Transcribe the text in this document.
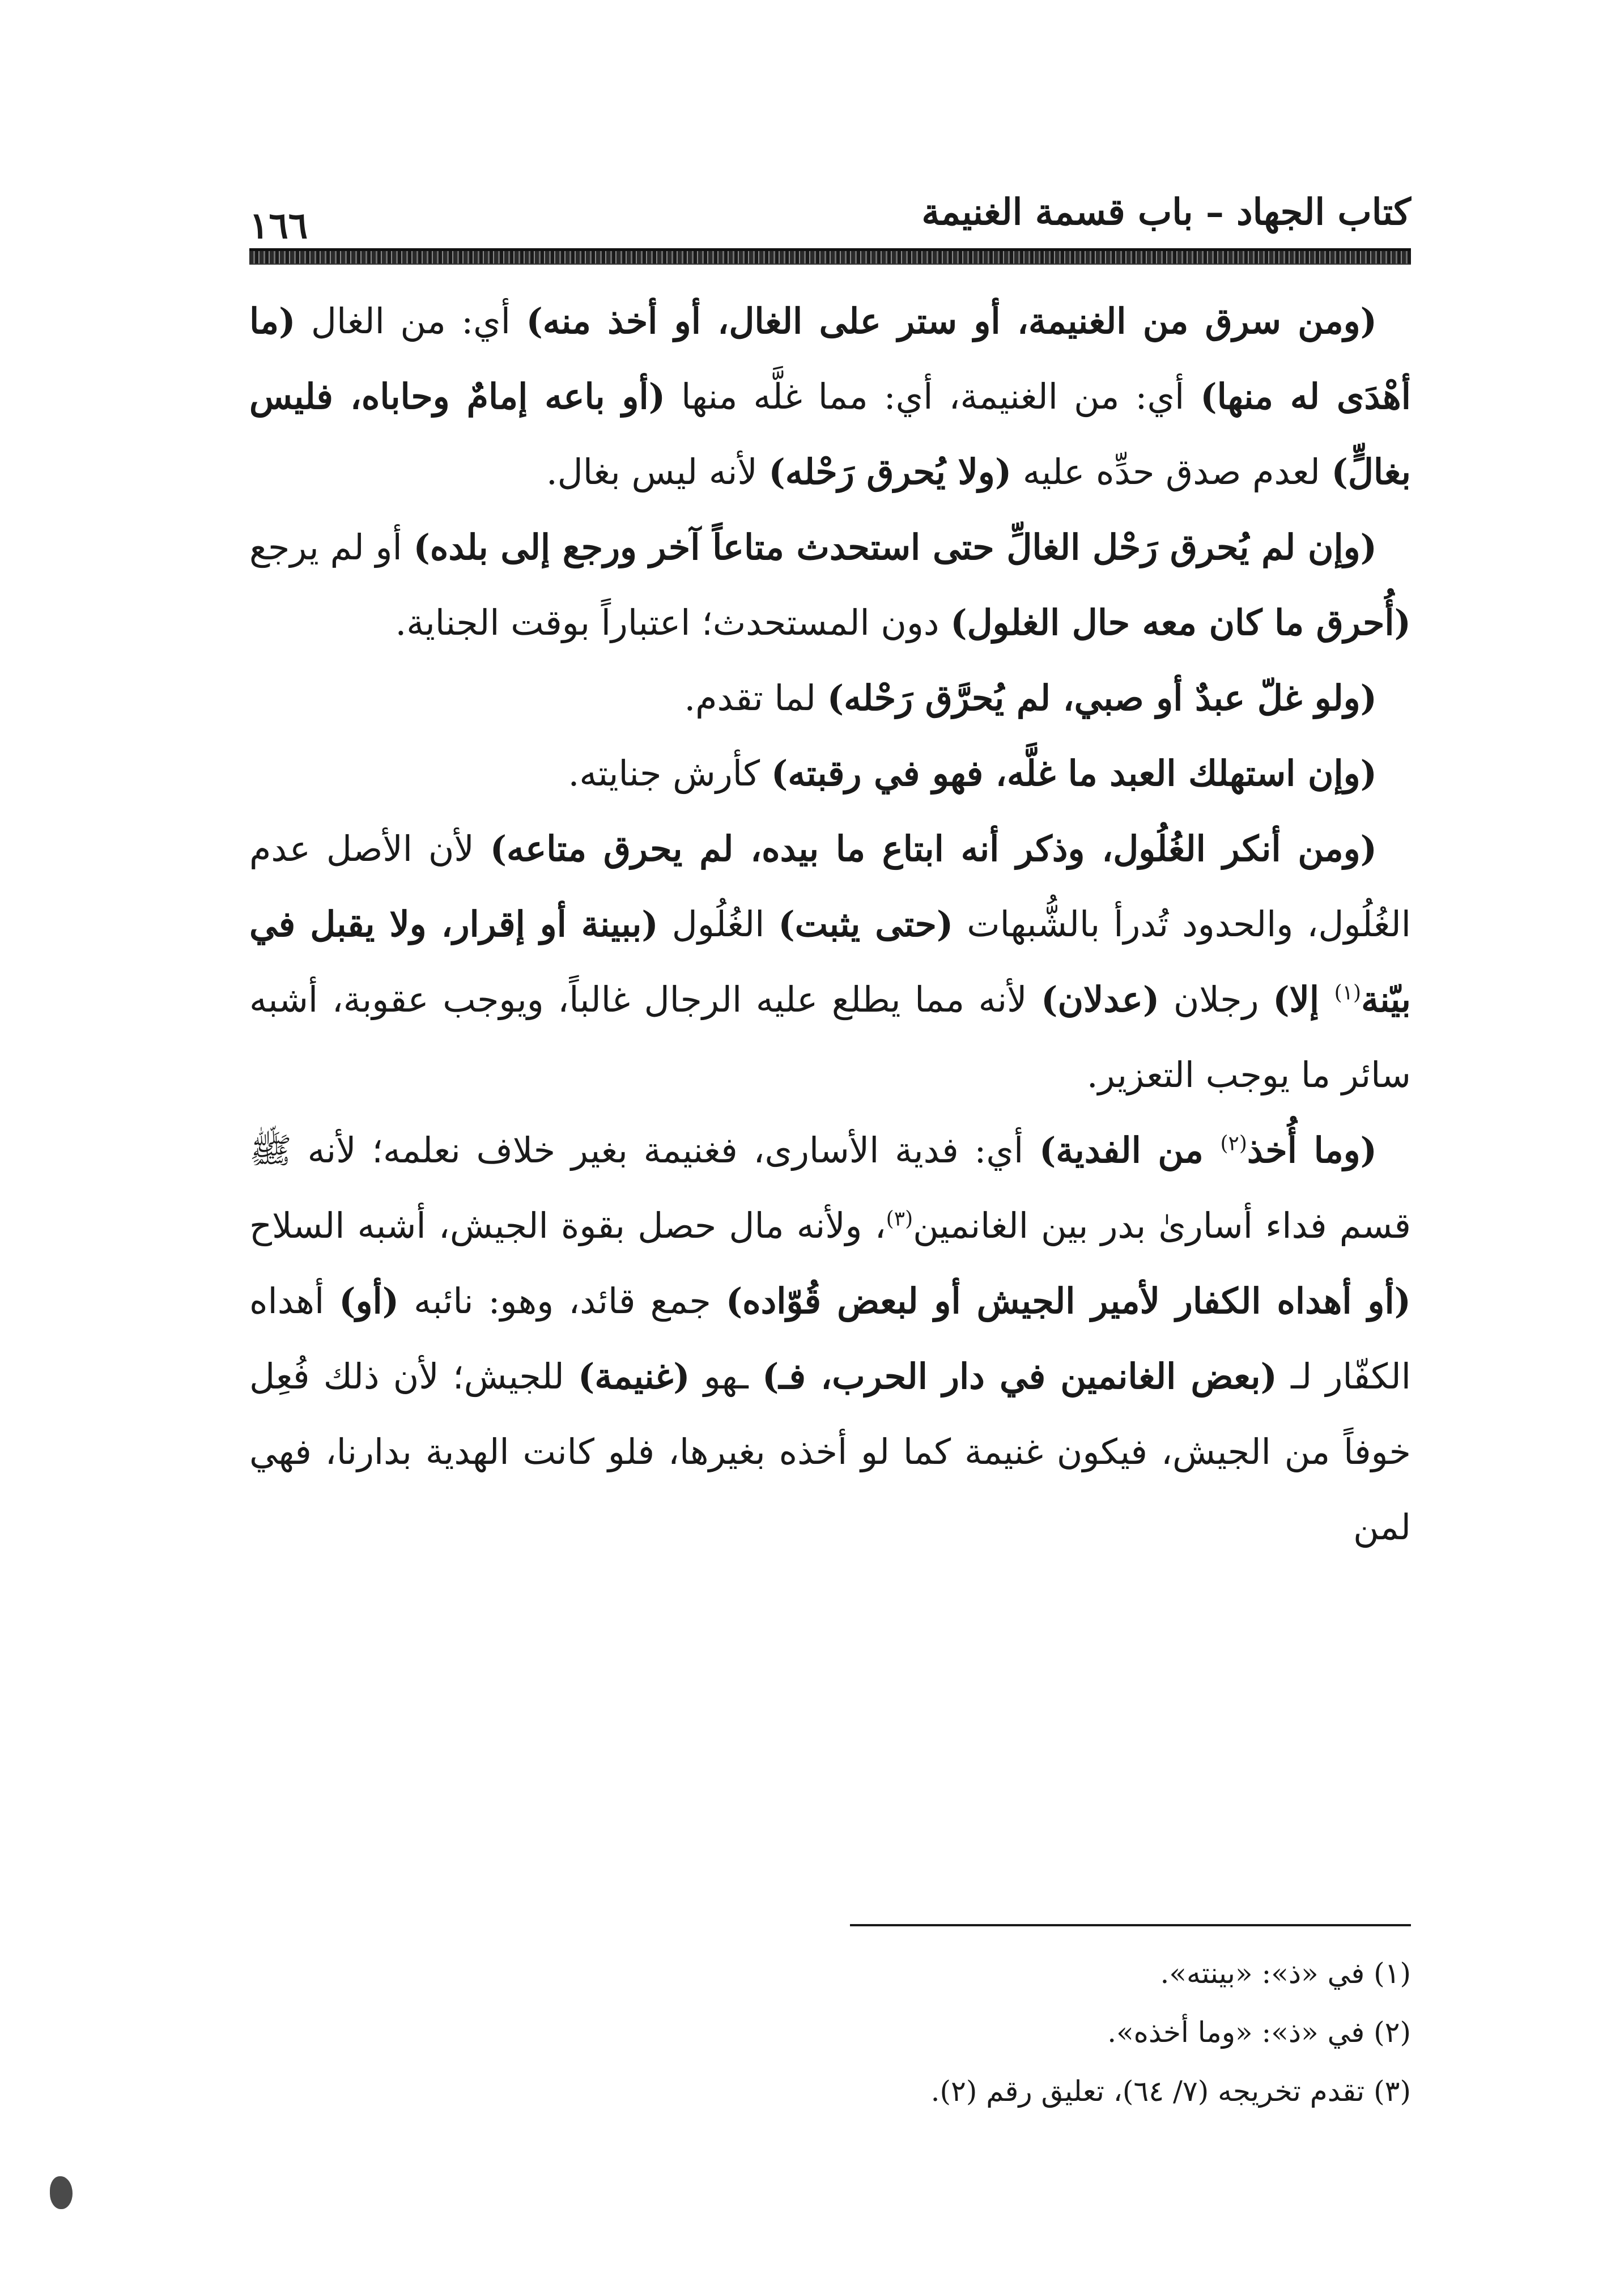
كتاب الجهاد – باب قسمة الغنيمة
١٦٦

(ومن سرق من الغنيمة، أو ستر على الغال، أو أخذ منه) أي: من الغال (ما أهْدَى له منها) أي: من الغنيمة، أي: مما غلَّه منها (أو باعه إمامٌ وحاباه، فليس بغالٍّ) لعدم صدق حدِّه عليه (ولا يُحرق رَحْله) لأنه ليس بغال.

(وإن لم يُحرق رَحْل الغالِّ حتى استحدث متاعاً آخر ورجع إلى بلده) أو لم يرجع (أُحرق ما كان معه حال الغلول) دون المستحدث؛ اعتباراً بوقت الجناية.

(ولو غلّ عبدٌ أو صبي، لم يُحرَّق رَحْله) لما تقدم.

(وإن استهلك العبد ما غلَّه، فهو في رقبته) كأرش جنايته.

(ومن أنكر الغُلُول، وذكر أنه ابتاع ما بيده، لم يحرق متاعه) لأن الأصل عدم الغُلُول، والحدود تُدرأ بالشُّبهات (حتى يثبت) الغُلُول (ببينة أو إقرار، ولا يقبل في بيّنة$^{(١)}$ إلا) رجلان (عدلان) لأنه مما يطلع عليه الرجال غالباً، ويوجب عقوبة، أشبه سائر ما يوجب التعزير.

(وما أُخذ$^{(٢)}$ من الفدية) أي: فدية الأسارى، فغنيمة بغير خلاف نعلمه؛ لأنه ﷺ قسم فداء أسارىٰ بدر بين الغانمين$^{(٣)}$، ولأنه مال حصل بقوة الجيش، أشبه السلاح (أو أهداه الكفار لأمير الجيش أو لبعض قُوّاده) جمع قائد، وهو: نائبه (أو) أهداه الكفّار لـ (بعض الغانمين في دار الحرب، فـ) ـهو (غنيمة) للجيش؛ لأن ذلك فُعِل خوفاً من الجيش، فيكون غنيمة كما لو أخذه بغيرها، فلو كانت الهدية بدارنا، فهي لمن

(١) في «ذ»: «بينته».

(٢) في «ذ»: «وما أخذه».

(٣) تقدم تخريجه (٧/ ٦٤)، تعليق رقم (٢).
